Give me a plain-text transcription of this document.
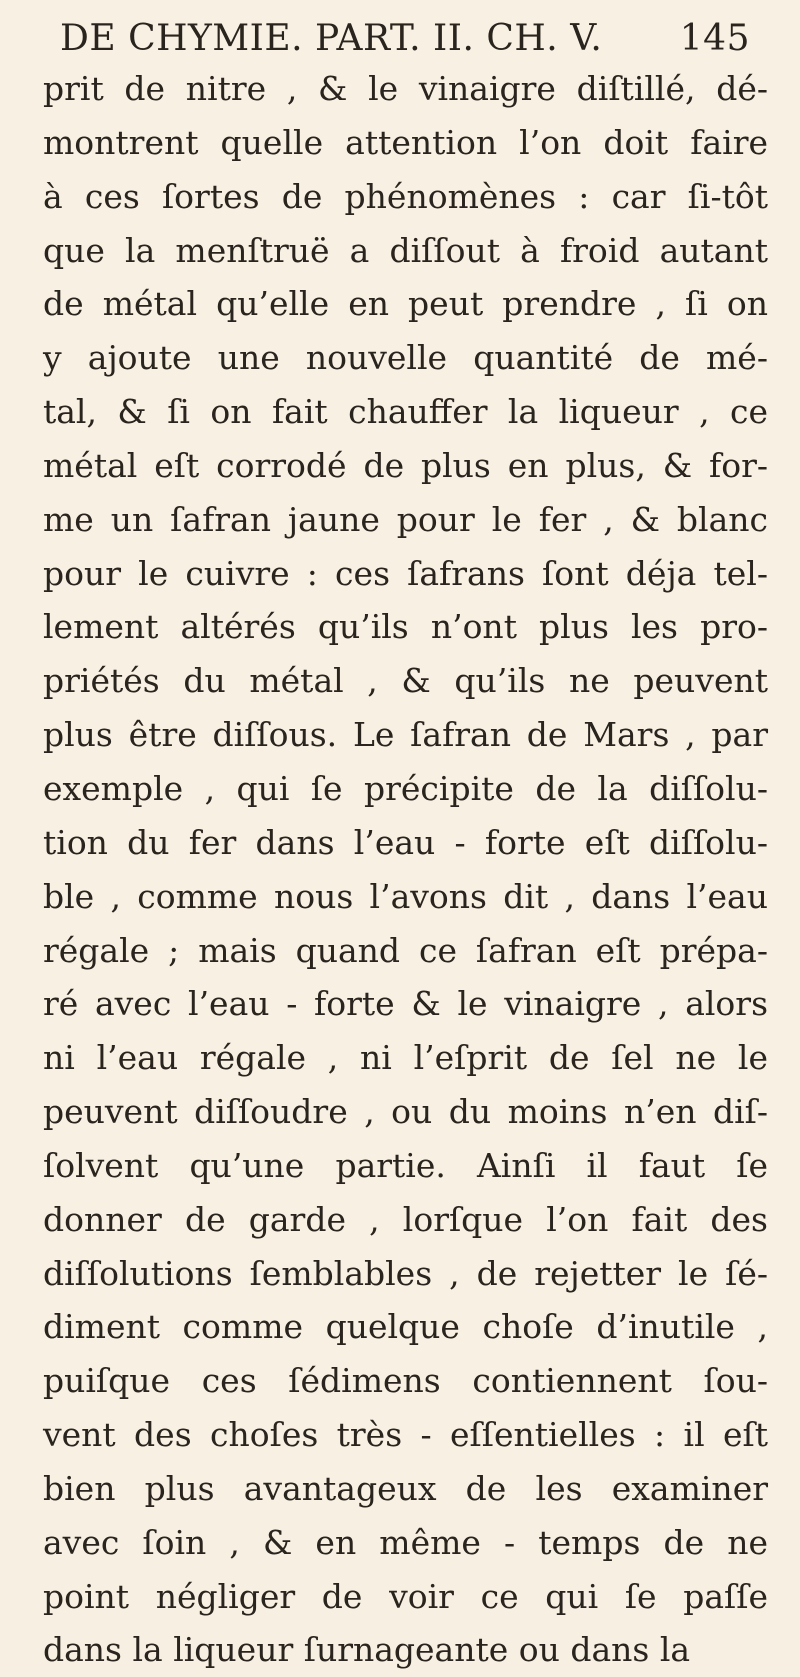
DE CHYMIE. PART. II. CH. V. 145
prit de nitre , & le vinaigre diſtillé, dé-
montrent quelle attention l’on doit faire
à ces ſortes de phénomènes : car ſi-tôt
que la menſtruë a diſſout à froid autant
de métal qu’elle en peut prendre , ſi on
y ajoute une nouvelle quantité de mé-
tal, & ſi on fait chauffer la liqueur , ce
métal eſt corrodé de plus en plus, & for-
me un ſafran jaune pour le fer , & blanc
pour le cuivre : ces ſafrans ſont déja tel-
lement altérés qu’ils n’ont plus les pro-
priétés du métal , & qu’ils ne peuvent
plus être diſſous. Le ſafran de Mars , par
exemple , qui ſe précipite de la diſſolu-
tion du fer dans l’eau - forte eſt diſſolu-
ble , comme nous l’avons dit , dans l’eau
régale ; mais quand ce ſafran eſt prépa-
ré avec l’eau - forte & le vinaigre , alors
ni l’eau régale , ni l’eſprit de ſel ne le
peuvent diſſoudre , ou du moins n’en diſ-
ſolvent qu’une partie. Ainſi il faut ſe
donner de garde , lorſque l’on fait des
diſſolutions ſemblables , de rejetter le ſé-
diment comme quelque choſe d’inutile ,
puiſque ces ſédimens contiennent ſou-
vent des choſes très - eſſentielles : il eſt
bien plus avantageux de les examiner
avec ſoin , & en même - temps de ne
point négliger de voir ce qui ſe paſſe
dans la liqueur ſurnageante ou dans la
